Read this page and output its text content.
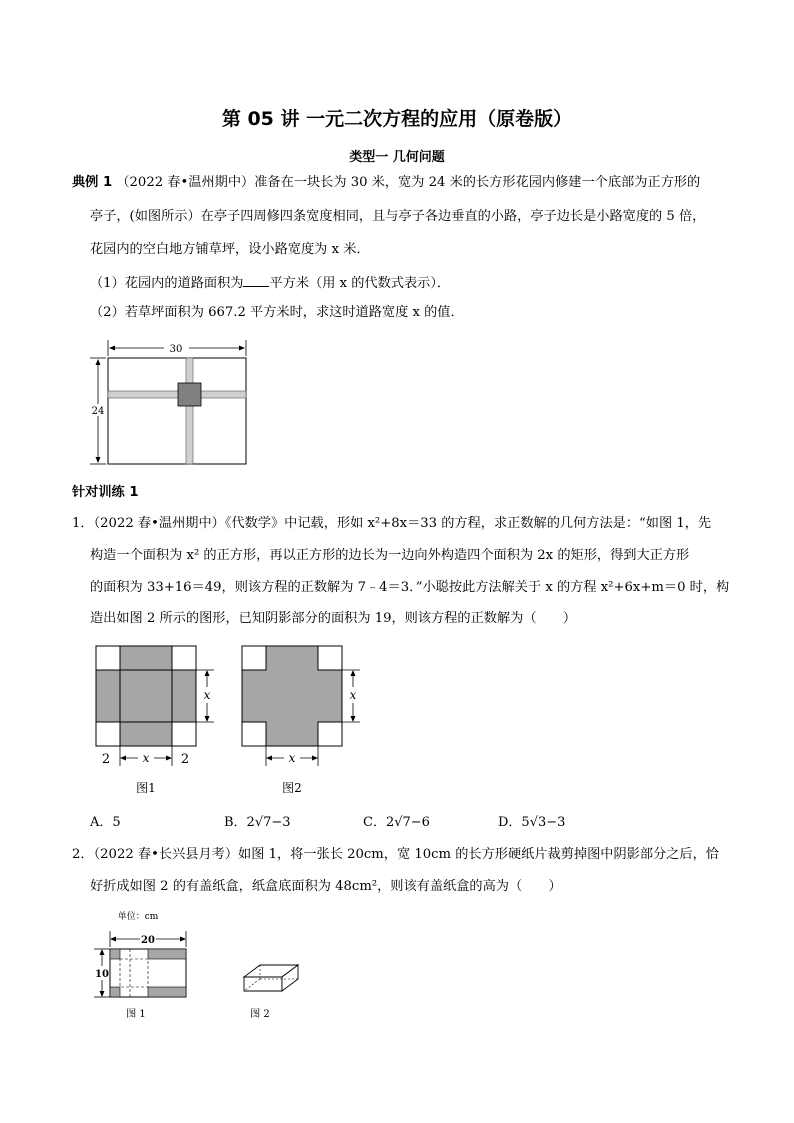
第 05 讲 一元二次方程的应用（原卷版）
类型一 几何问题
典例 1 （2022 春•温州期中）准备在一块长为 30 米，宽为 24 米的长方形花园内修建一个底部为正方形的
亭子，(如图所示）在亭子四周修四条宽度相同，且与亭子各边垂直的小路，亭子边长是小路宽度的 5 倍，
花园内的空白地方铺草坪，设小路宽度为 x 米．
（1）花园内的道路面积为 平方米（用 x 的代数式表示）．
（2）若草坪面积为 667.2 平方米时，求这时道路宽度 x 的值．
30
24
针对训练 1
1．（2022 春•温州期中）《代数学》中记载，形如 x²+8x＝33 的方程，求正数解的几何方法是：“如图 1，先
构造一个面积为 x² 的正方形，再以正方形的边长为一边向外构造四个面积为 2x 的矩形，得到大正方形
的面积为 33+16＝49，则该方程的正数解为 7﹣4＝3．”小聪按此方法解关于 x 的方程 x²+6x+m＝0 时，构
造出如图 2 所示的图形，已知阴影部分的面积为 19，则该方程的正数解为（　　）
x
x
2	2
图1
x
x
图2
A．5	B．2√7−3	C．2√7−6	D．5√3−3
2．（2022 春•长兴县月考）如图 1，将一张长 20cm，宽 10cm 的长方形硬纸片裁剪掉图中阴影部分之后，恰
好折成如图 2 的有盖纸盒，纸盒底面积为 48cm²，则该有盖纸盒的高为（　　）
单位：cm
20
10
图 1	图 2
